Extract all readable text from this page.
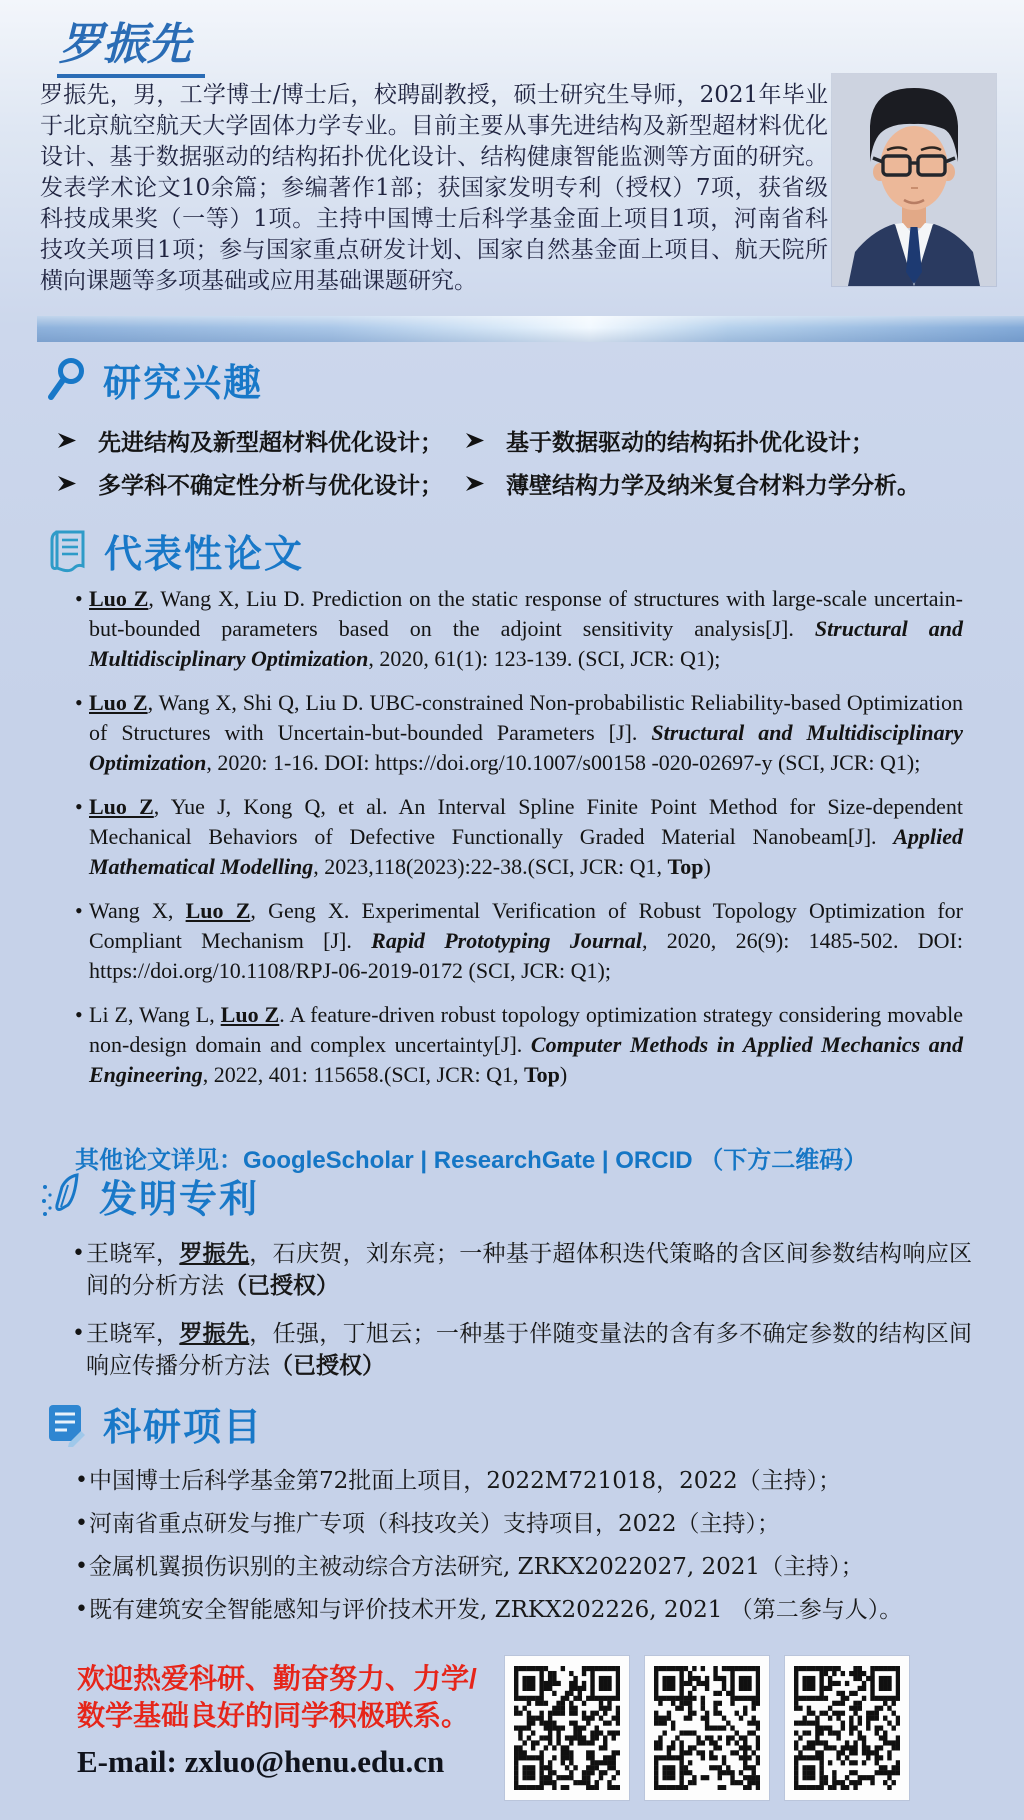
罗振先

罗振先，男，工学博士/博士后，校聘副教授，硕士研究生导师，2021年毕业于北京航空航天大学固体力学专业。目前主要从事先进结构及新型超材料优化设计、基于数据驱动的结构拓扑优化设计、结构健康智能监测等方面的研究。发表学术论文10余篇；参编著作1部；获国家发明专利（授权）7项，获省级科技成果奖（一等）1项。主持中国博士后科学基金面上项目1项，河南省科技攻关项目1项；参与国家重点研发计划、国家自然基金面上项目、航天院所横向课题等多项基础或应用基础课题研究。

研究兴趣
先进结构及新型超材料优化设计；	基于数据驱动的结构拓扑优化设计；
多学科不确定性分析与优化设计；	薄壁结构力学及纳米复合材料力学分析。
代表性论文
• Luo Z, Wang X, Liu D. Prediction on the static response of structures with large-scale uncertain-but-bounded parameters based on the adjoint sensitivity analysis[J]. Structural and Multidisciplinary Optimization, 2020, 61(1): 123-139. (SCI, JCR: Q1);
• Luo Z, Wang X, Shi Q, Liu D. UBC-constrained Non-probabilistic Reliability-based Optimization of Structures with Uncertain-but-bounded Parameters [J]. Structural and Multidisciplinary Optimization, 2020: 1-16. DOI: https://doi.org/10.1007/s00158 -020-02697-y (SCI, JCR: Q1);
• Luo Z, Yue J, Kong Q, et al. An Interval Spline Finite Point Method for Size-dependent Mechanical Behaviors of Defective Functionally Graded Material Nanobeam[J]. Applied Mathematical Modelling, 2023,118(2023):22-38.(SCI, JCR: Q1, Top)
• Wang X, Luo Z, Geng X. Experimental Verification of Robust Topology Optimization for Compliant Mechanism [J]. Rapid Prototyping Journal, 2020, 26(9): 1485-502. DOI: https://doi.org/10.1108/RPJ-06-2019-0172 (SCI, JCR: Q1);
• Li Z, Wang L, Luo Z. A feature-driven robust topology optimization strategy considering movable non-design domain and complex uncertainty[J]. Computer Methods in Applied Mechanics and Engineering, 2022, 401: 115658.(SCI, JCR: Q1, Top)
其他论文详见：GoogleScholar | ResearchGate | ORCID （下方二维码）
发明专利
• 王晓军，罗振先，石庆贺，刘东亮；一种基于超体积迭代策略的含区间参数结构响应区间的分析方法（已授权）
• 王晓军，罗振先，任强，丁旭云；一种基于伴随变量法的含有多不确定参数的结构区间响应传播分析方法（已授权）
科研项目
• 中国博士后科学基金第72批面上项目，2022M721018，2022（主持）；
• 河南省重点研发与推广专项（科技攻关）支持项目，2022（主持）；
• 金属机翼损伤识别的主被动综合方法研究, ZRKX2022027, 2021（主持）；
• 既有建筑安全智能感知与评价技术开发, ZRKX202226, 2021 （第二参与人）。

欢迎热爱科研、勤奋努力、力学/
数学基础良好的同学积极联系。

E-mail: zxluo@henu.edu.cn
